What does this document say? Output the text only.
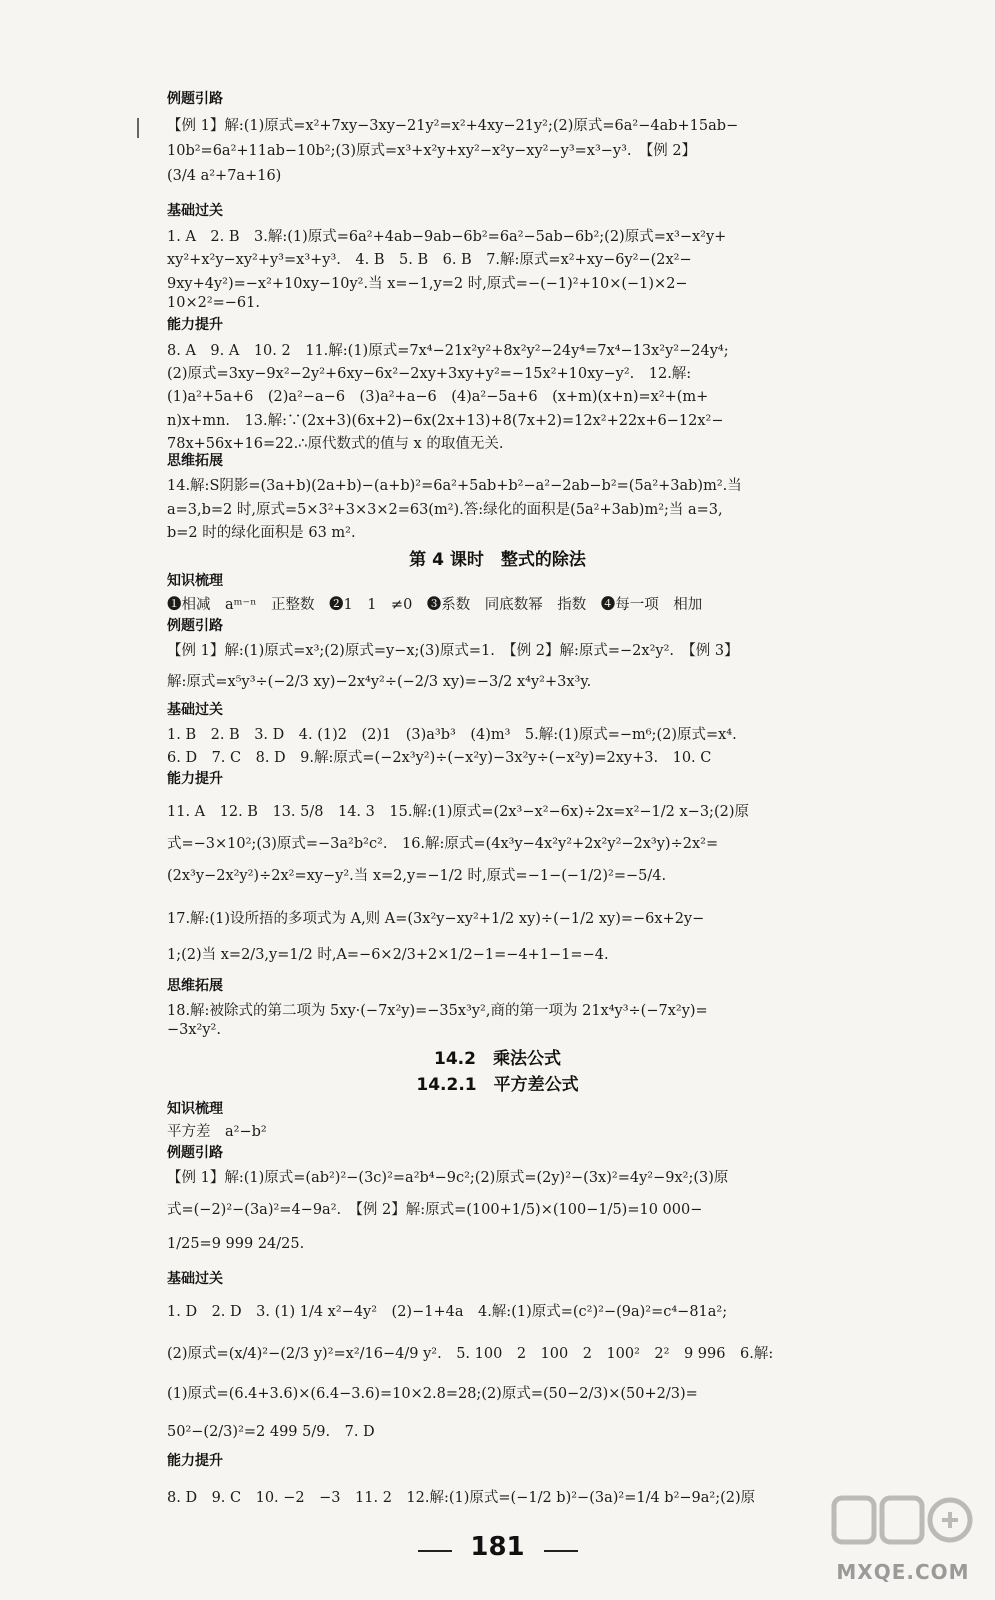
例题引路
【例 1】解:(1)原式=x²+7xy−3xy−21y²=x²+4xy−21y²;(2)原式=6a²−4ab+15ab−
10b²=6a²+11ab−10b²;(3)原式=x³+x²y+xy²−x²y−xy²−y³=x³−y³.　【例 2】
(3/4 a²+7a+16)
基础过关
1. A　2. B　3.解:(1)原式=6a²+4ab−9ab−6b²=6a²−5ab−6b²;(2)原式=x³−x²y+
xy²+x²y−xy²+y³=x³+y³.　4. B　5. B　6. B　7.解:原式=x²+xy−6y²−(2x²−
9xy+4y²)=−x²+10xy−10y².当 x=−1,y=2 时,原式=−(−1)²+10×(−1)×2−
10×2²=−61.
能力提升
8. A　9. A　10. 2　11.解:(1)原式=7x⁴−21x²y²+8x²y²−24y⁴=7x⁴−13x²y²−24y⁴;
(2)原式=3xy−9x²−2y²+6xy−6x²−2xy+3xy+y²=−15x²+10xy−y².　12.解:
(1)a²+5a+6　(2)a²−a−6　(3)a²+a−6　(4)a²−5a+6　(x+m)(x+n)=x²+(m+
n)x+mn.　13.解:∵(2x+3)(6x+2)−6x(2x+13)+8(7x+2)=12x²+22x+6−12x²−
78x+56x+16=22.∴原代数式的值与 x 的取值无关.
思维拓展
14.解:S阴影=(3a+b)(2a+b)−(a+b)²=6a²+5ab+b²−a²−2ab−b²=(5a²+3ab)m².当
a=3,b=2 时,原式=5×3²+3×3×2=63(m²).答:绿化的面积是(5a²+3ab)m²;当 a=3,
b=2 时的绿化面积是 63 m².
第 4 课时　整式的除法
知识梳理
❶相减　aᵐ⁻ⁿ　正整数　❷1　1　≠0　❸系数　同底数幂　指数　❹每一项　相加
例题引路
【例 1】解:(1)原式=x³;(2)原式=y−x;(3)原式=1.　【例 2】解:原式=−2x²y².　【例 3】
解:原式=x⁵y³÷(−2/3 xy)−2x⁴y²÷(−2/3 xy)=−3/2 x⁴y²+3x³y.
基础过关
1. B　2. B　3. D　4. (1)2　(2)1　(3)a³b³　(4)m³　5.解:(1)原式=−m⁶;(2)原式=x⁴.
6. D　7. C　8. D　9.解:原式=(−2x³y²)÷(−x²y)−3x²y÷(−x²y)=2xy+3.　10. C
能力提升
11. A　12. B　13. 5/8　14. 3　15.解:(1)原式=(2x³−x²−6x)÷2x=x²−1/2 x−3;(2)原
式=−3×10²;(3)原式=−3a²b²c².　16.解:原式=(4x³y−4x²y²+2x²y²−2x³y)÷2x²=
(2x³y−2x²y²)÷2x²=xy−y².当 x=2,y=−1/2 时,原式=−1−(−1/2)²=−5/4.
17.解:(1)设所捂的多项式为 A,则 A=(3x²y−xy²+1/2 xy)÷(−1/2 xy)=−6x+2y−
1;(2)当 x=2/3,y=1/2 时,A=−6×2/3+2×1/2−1=−4+1−1=−4.
思维拓展
18.解:被除式的第二项为 5xy·(−7x²y)=−35x³y²,商的第一项为 21x⁴y³÷(−7x²y)=
−3x²y².
14.2　乘法公式
14.2.1　平方差公式
知识梳理
平方差　a²−b²
例题引路
【例 1】解:(1)原式=(ab²)²−(3c)²=a²b⁴−9c²;(2)原式=(2y)²−(3x)²=4y²−9x²;(3)原
式=(−2)²−(3a)²=4−9a².　【例 2】解:原式=(100+1/5)×(100−1/5)=10 000−
1/25=9 999 24/25.
基础过关
1. D　2. D　3. (1) 1/4 x²−4y²　(2)−1+4a　4.解:(1)原式=(c²)²−(9a)²=c⁴−81a²;
(2)原式=(x/4)²−(2/3 y)²=x²/16−4/9 y².　5. 100　2　100　2　100²　2²　9 996　6.解:
(1)原式=(6.4+3.6)×(6.4−3.6)=10×2.8=28;(2)原式=(50−2/3)×(50+2/3)=
50²−(2/3)²=2 499 5/9.　7. D
能力提升
8. D　9. C　10. −2　−3　11. 2　12.解:(1)原式=(−1/2 b)²−(3a)²=1/4 b²−9a²;(2)原
181
MXQE.COM
